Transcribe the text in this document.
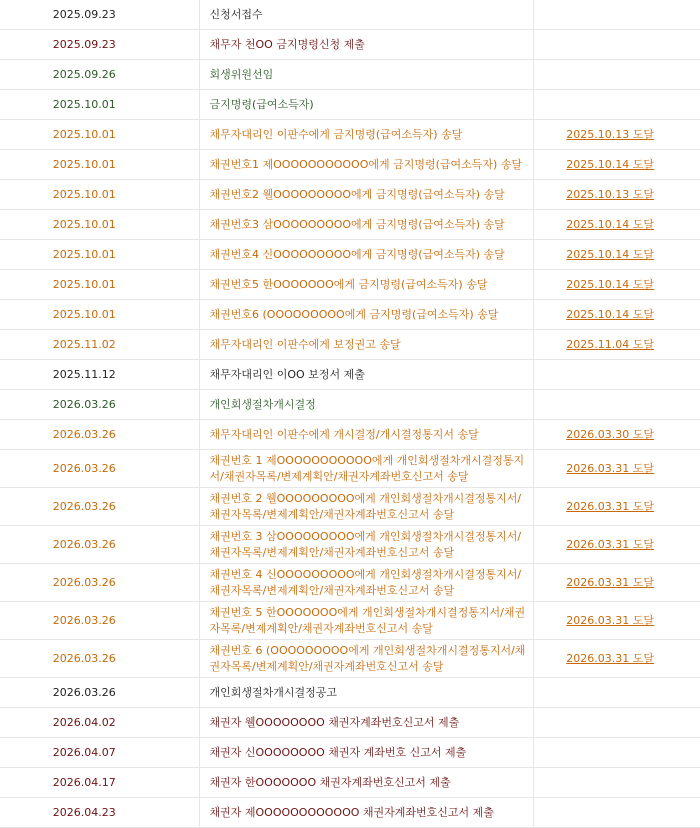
2025.09.23	신청서접수	
2025.09.23	채무자 천OO 금지명령신청 제출	
2025.09.26	회생위원선임	
2025.10.01	금지명령(급여소득자)	
2025.10.01	채무자대리인 이판수에게 금지명령(급여소득자) 송달	2025.10.13 도달
2025.10.01	채권번호1 제OOOOOOOOOOO에게 금지명령(급여소득자) 송달	2025.10.14 도달
2025.10.01	채권번호2 웰OOOOOOOOO에게 금지명령(급여소득자) 송달	2025.10.13 도달
2025.10.01	채권번호3 삼OOOOOOOOO에게 금지명령(급여소득자) 송달	2025.10.14 도달
2025.10.01	채권번호4 신OOOOOOOOO에게 금지명령(급여소득자) 송달	2025.10.14 도달
2025.10.01	채권번호5 한OOOOOOO에게 금지명령(급여소득자) 송달	2025.10.14 도달
2025.10.01	채권번호6 (OOOOOOOOO에게 금지명령(급여소득자) 송달	2025.10.14 도달
2025.11.02	채무자대리인 이판수에게 보정권고 송달	2025.11.04 도달
2025.11.12	채무자대리인 이OO 보정서 제출	
2026.03.26	개인회생절차개시결정	
2026.03.26	채무자대리인 이판수에게 개시결정/개시결정통지서 송달	2026.03.30 도달
2026.03.26	채권번호 1 제OOOOOOOOOOO에게 개인회생절차개시결정통지서/채권자목록/변제계획안/채권자계좌번호신고서 송달	2026.03.31 도달
2026.03.26	채권번호 2 웰OOOOOOOOO에게 개인회생절차개시결정통지서/채권자목록/변제계획안/채권자계좌번호신고서 송달	2026.03.31 도달
2026.03.26	채권번호 3 삼OOOOOOOOO에게 개인회생절차개시결정통지서/채권자목록/변제계획안/채권자계좌번호신고서 송달	2026.03.31 도달
2026.03.26	채권번호 4 신OOOOOOOOO에게 개인회생절차개시결정통지서/채권자목록/변제계획안/채권자계좌번호신고서 송달	2026.03.31 도달
2026.03.26	채권번호 5 한OOOOOOO에게 개인회생절차개시결정통지서/채권자목록/변제계획안/채권자계좌번호신고서 송달	2026.03.31 도달
2026.03.26	채권번호 6 (OOOOOOOOO에게 개인회생절차개시결정통지서/채권자목록/변제계획안/채권자계좌번호신고서 송달	2026.03.31 도달
2026.03.26	개인회생절차개시결정공고	
2026.04.02	채권자 웰OOOOOOOO 채권자계좌번호신고서 제출	
2026.04.07	채권자 신OOOOOOOO 채권자 계좌번호 신고서 제출	
2026.04.17	채권자 한OOOOOOO 채권자계좌번호신고서 제출	
2026.04.23	채권자 제OOOOOOOOOOOO 채권자계좌번호신고서 제출	
